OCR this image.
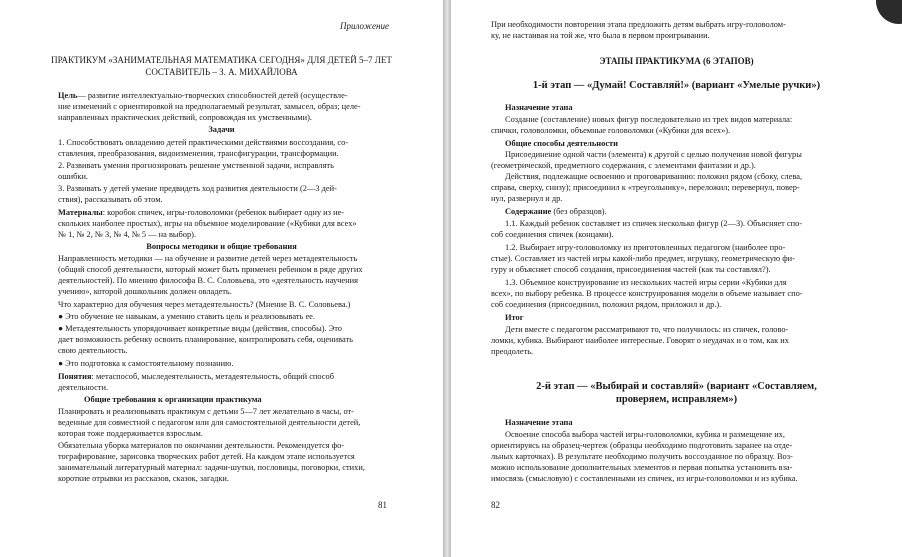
Приложение
ПРАКТИКУМ «ЗАНИМАТЕЛЬНАЯ МАТЕМАТИКА СЕГОДНЯ» ДЛЯ ДЕТЕЙ 5–7 ЛЕТ
СОСТАВИТЕЛЬ – З. А. МИХАЙЛОВА
Цель— развитие интеллектуально-творческих способностей детей (осуществле-
ние изменений с ориентировкой на предполагаемый результат, замысел, образ; целе-
направленных практических действий, сопровождая их умственными).
Задачи
1. Способствовать овладению детей практическими действиями воссоздания, со-
ставления, преобразования, видоизменения, трансфигурации, трансформации.
2. Развивать умения прогнозировать решение умственной задачи, исправлять
ошибки.
3. Развивать у детей умение предвидеть ход развития деятельности (2—3 дей-
ствия), рассказывать об этом.
Материалы: коробок спичек, игры-головоломки (ребенок выбирает одну из не-
скольких наиболее простых), игры на объемное моделирование («Кубики для всех»
№ 1, № 2, № 3, № 4, № 5 — на выбор).
Вопросы методики и общие требования
Направленность методики — на обучение и развитие детей через метадеятельность
(общий способ деятельности, который может быть применен ребенком в ряде других
деятельностей). По мнению философа В. С. Соловьева, это «деятельность научения
учению», которой дошкольник должен овладеть.
Что характерно для обучения через метадеятельность? (Мнение В. С. Соловьева.)
● Это обучение не навыкам, а умению ставить цель и реализовывать ее.
● Метадеятельность упорядочивает конкретные виды (действия, способы). Это
дает возможность ребенку освоить планирование, контролировать себя, оценивать
свою деятельность.
● Это подготовка к самостоятельному познанию.
Понятия: метаспособ, мыследеятельность, метадеятельность, общий способ
деятельности.
Общие требования к организации практикума
Планировать и реализовывать практикум с детьми 5—7 лет желательно в часы, от-
веденные для совместной с педагогом или для самостоятельной деятельности детей,
которая тоже поддерживается взрослым.
Обязательна уборка материалов по окончании деятельности. Рекомендуется фо-
тографирование, зарисовка творческих работ детей. На каждом этапе используется
занимательный литературный материал: задачи-шутки, пословицы, поговорки, стихи,
короткие отрывки из рассказов, сказок, загадки.
81
При необходимости повторения этапа предложить детям выбрать игру-головолом-
ку, не настаивая на той же, что была в первом проигрывании.
ЭТАПЫ ПРАКТИКУМА (6 ЭТАПОВ)
1-й этап — «Думай! Составляй!» (вариант «Умелые ручки»)
Назначение этапа
Создание (составление) новых фигур последовательно из трех видов материала:
спички, головоломки, объемные головоломки («Кубики для всех»).
Общие способы деятельности
Присоединение одной части (элемента) к другой с целью получения новой фигуры
(геометрической, предметного содержания, с элементами фантазии и др.).
Действия, подлежащие освоению и проговариванию: положил рядом (сбоку, слева,
справа, сверху, снизу); присоединил к «треугольнику», переложил; перевернул, повер-
нул, развернул и др.
Содержание (без образцов).
1.1. Каждый ребенок составляет из спичек несколько фигур (2—3). Объясняет спо-
соб соединения спичек (концами).
1.2. Выбирает игру-головоломку из приготовленных педагогом (наиболее про-
стые). Составляет из частей игры какой-либо предмет, игрушку, геометрическую фи-
гуру и объясняет способ создания, присоединения частей (как ты составлял?).
1.3. Объемное конструирование из нескольких частей игры серии «Кубики для
всех», по выбору ребенка. В процессе конструирования модели в объеме называет спо-
соб соединения (присоединил, положил рядом, приложил и др.).
Итог
Дети вместе с педагогом рассматривают то, что получилось: из спичек, голово-
ломки, кубика. Выбирают наиболее интересные. Говорят о неудачах и о том, как их
преодолеть.
2-й этап — «Выбирай и составляй» (вариант «Составляем,
проверяем, исправляем»)
Назначение этапа
Освоение способа выбора частей игры-головоломки, кубика и размещение их,
ориентируясь на образец-чертеж (образцы необходимо подготовить заранее на отде-
льных карточках). В результате необходимо получить воссозданное по образцу. Воз-
можно использование дополнительных элементов и первая попытка установить вза-
имосвязь (смысловую) с составленными из спичек, из игры-головоломки и из кубика.
82
